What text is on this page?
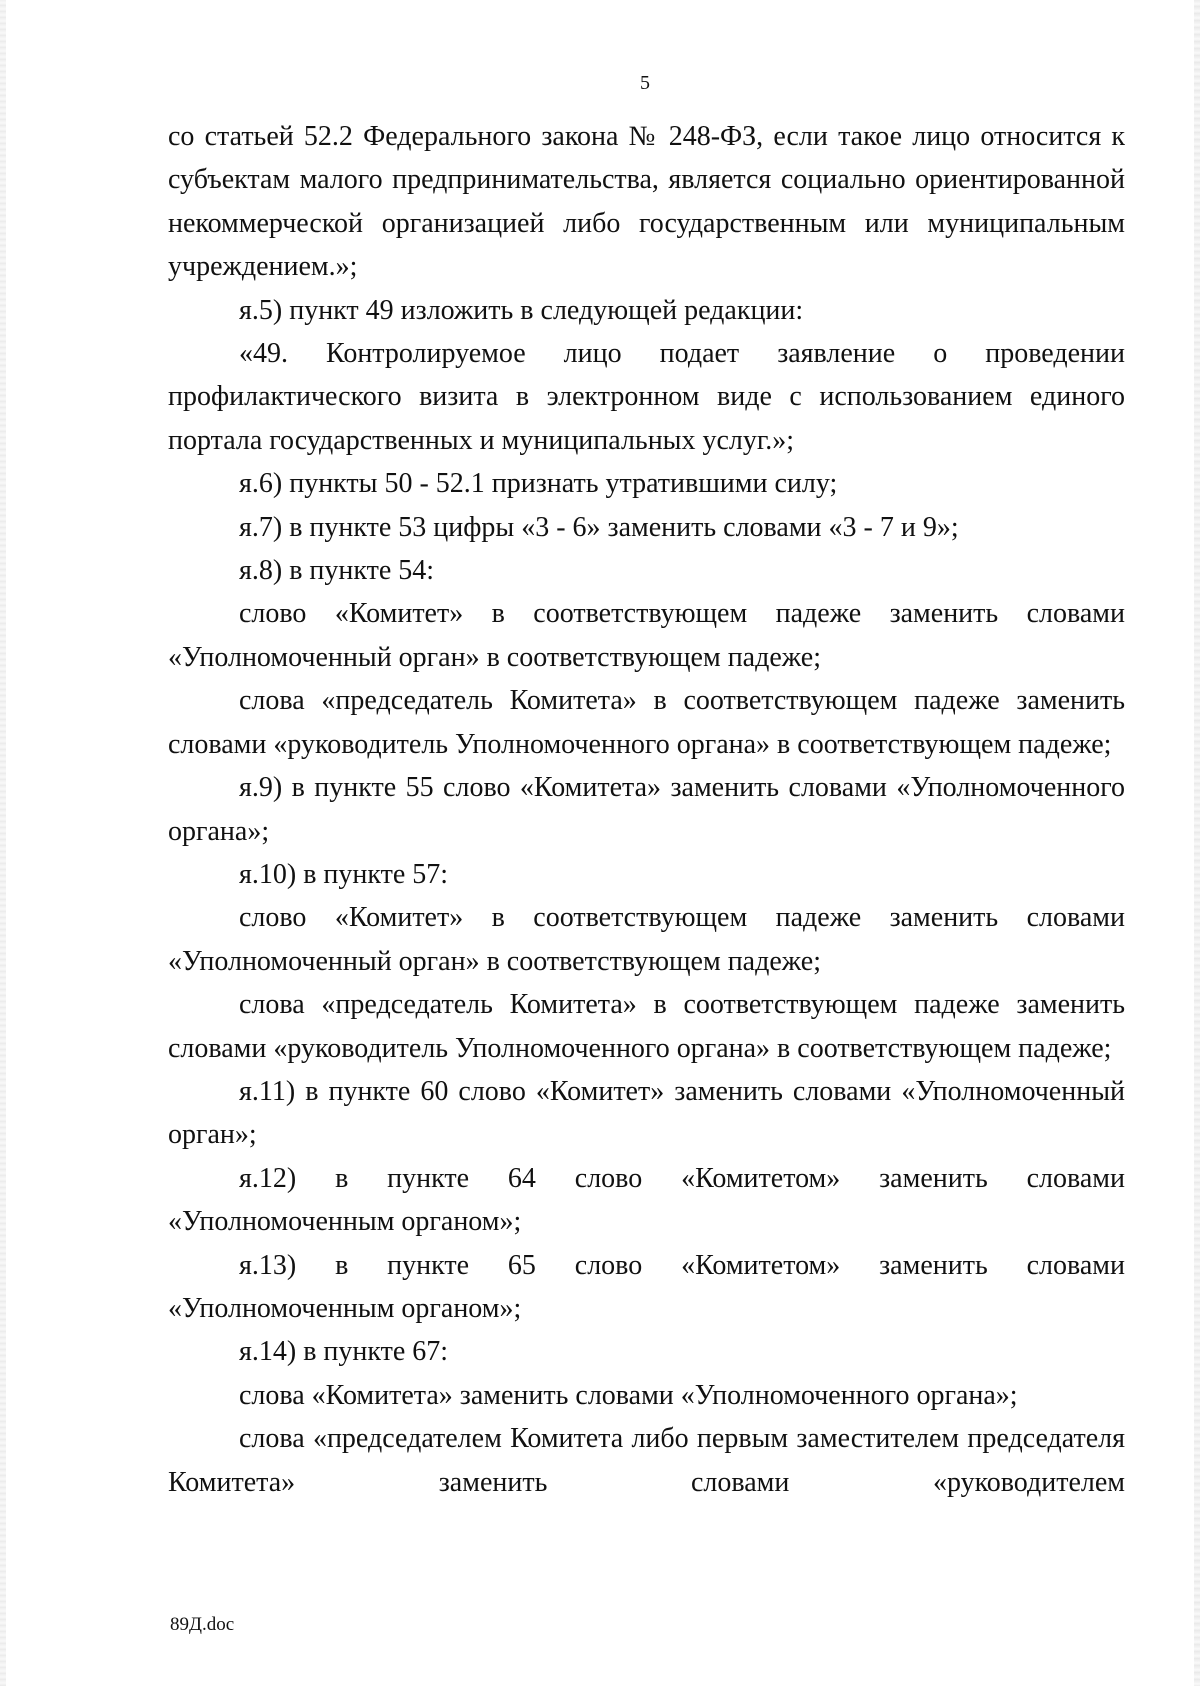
5

со статьей 52.2 Федерального закона № 248-ФЗ, если такое лицо относится к субъектам малого предпринимательства, является социально ориентированной некоммерческой организацией либо государственным или муниципальным учреждением.»;

я.5) пункт 49 изложить в следующей редакции:

«49. Контролируемое лицо подает заявление о проведении профилактического визита в электронном виде с использованием единого портала государственных и муниципальных услуг.»;

я.6) пункты 50 - 52.1 признать утратившими силу;

я.7) в пункте 53 цифры «3 - 6» заменить словами «3 - 7 и 9»;

я.8) в пункте 54:

слово «Комитет» в соответствующем падеже заменить словами «Уполномоченный орган» в соответствующем падеже;

слова «председатель Комитета» в соответствующем падеже заменить словами «руководитель Уполномоченного органа» в соответствующем падеже;

я.9) в пункте 55 слово «Комитета» заменить словами «Уполномоченного органа»;

я.10) в пункте 57:

слово «Комитет» в соответствующем падеже заменить словами «Уполномоченный орган» в соответствующем падеже;

слова «председатель Комитета» в соответствующем падеже заменить словами «руководитель Уполномоченного органа» в соответствующем падеже;

я.11) в пункте 60 слово «Комитет» заменить словами «Уполномоченный орган»;

я.12) в пункте 64 слово «Комитетом» заменить словами «Уполномоченным органом»;

я.13) в пункте 65 слово «Комитетом» заменить словами «Уполномоченным органом»;

я.14) в пункте 67:

слова «Комитета» заменить словами «Уполномоченного органа»;

слова «председателем Комитета либо первым заместителем председателя Комитета» заменить словами «руководителем

89Д.doc
